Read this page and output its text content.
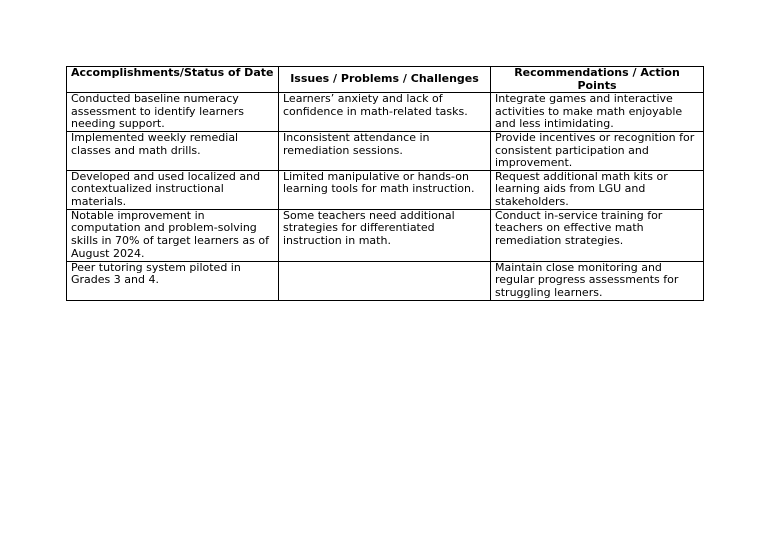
Accomplishments/Status of Date	Issues / Problems / Challenges	Recommendations / Action Points
Conducted baseline numeracy assessment to identify learners needing support.	Learners’ anxiety and lack of confidence in math-related tasks.	Integrate games and interactive activities to make math enjoyable and less intimidating.
Implemented weekly remedial classes and math drills.	Inconsistent attendance in remediation sessions.	Provide incentives or recognition for consistent participation and improvement.
Developed and used localized and contextualized instructional materials.	Limited manipulative or hands-on learning tools for math instruction.	Request additional math kits or learning aids from LGU and stakeholders.
Notable improvement in computation and problem-solving skills in 70% of target learners as of August 2024.	Some teachers need additional strategies for differentiated instruction in math.	Conduct in-service training for teachers on effective math remediation strategies.
Peer tutoring system piloted in Grades 3 and 4.		Maintain close monitoring and regular progress assessments for struggling learners.
